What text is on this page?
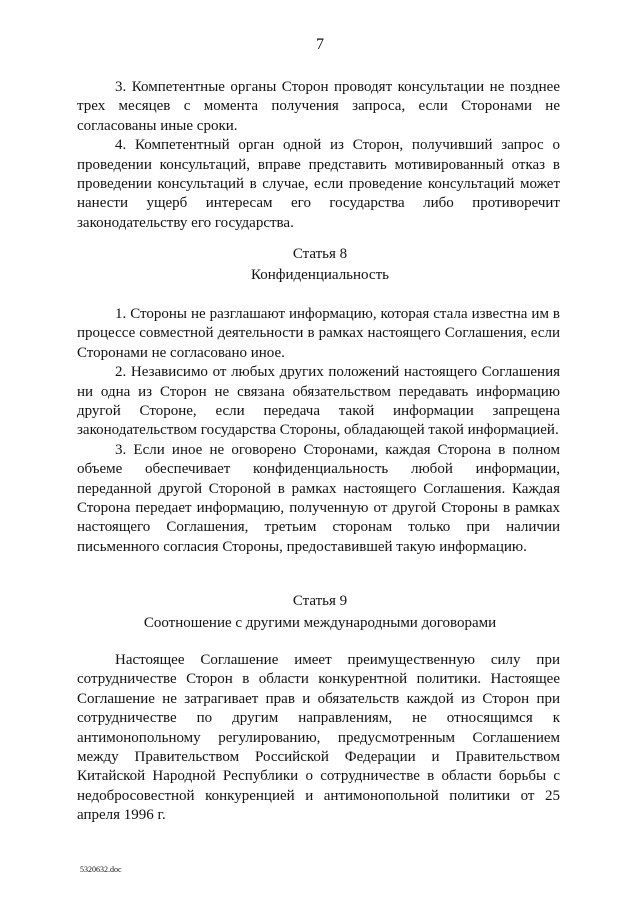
7

3. Компетентные органы Сторон проводят консультации не позднее трех месяцев с момента получения запроса, если Сторонами не согласованы иные сроки.

4. Компетентный орган одной из Сторон, получивший запрос о проведении консультаций, вправе представить мотивированный отказ в проведении консультаций в случае, если проведение консультаций может нанести ущерб интересам его государства либо противоречит законодательству его государства.

Статья 8
Конфиденциальность

1. Стороны не разглашают информацию, которая стала известна им в процессе совместной деятельности в рамках настоящего Соглашения, если Сторонами не согласовано иное.

2. Независимо от любых других положений настоящего Соглашения ни одна из Сторон не связана обязательством передавать информацию другой Стороне, если передача такой информации запрещена законодательством государства Стороны, обладающей такой информацией.

3. Если иное не оговорено Сторонами, каждая Сторона в полном объеме обеспечивает конфиденциальность любой информации, переданной другой Стороной в рамках настоящего Соглашения. Каждая Сторона передает информацию, полученную от другой Стороны в рамках настоящего Соглашения, третьим сторонам только при наличии письменного согласия Стороны, предоставившей такую информацию.

Статья 9
Соотношение с другими международными договорами

Настоящее Соглашение имеет преимущественную силу при сотрудничестве Сторон в области конкурентной политики. Настоящее Соглашение не затрагивает прав и обязательств каждой из Сторон при сотрудничестве по другим направлениям, не относящимся к антимонопольному регулированию, предусмотренным Соглашением между Правительством Российской Федерации и Правительством Китайской Народной Республики о сотрудничестве в области борьбы с недобросовестной конкуренцией и антимонопольной политики от 25 апреля 1996 г.

5320632.doc
